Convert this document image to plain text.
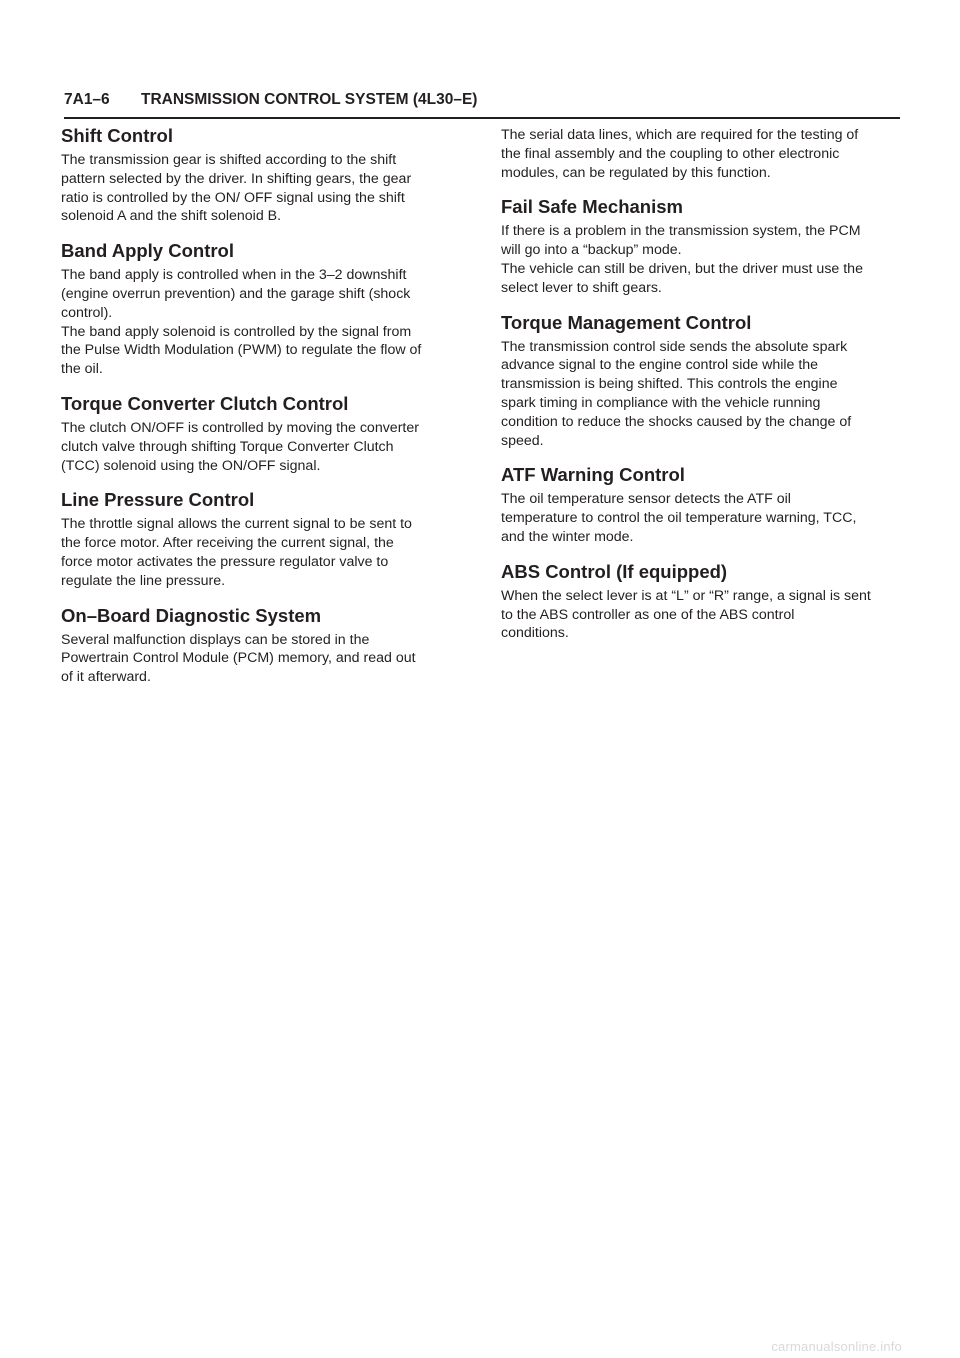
7A1–6 TRANSMISSION CONTROL SYSTEM (4L30–E)
Shift Control
The transmission gear is shifted according to the shift
pattern selected by the driver. In shifting gears, the gear
ratio is controlled by the ON/ OFF signal using the shift
solenoid A and the shift solenoid B.
Band Apply Control
The band apply is controlled when in the 3–2 downshift
(engine overrun prevention) and the garage shift (shock
control).
The band apply solenoid is controlled by the signal from
the Pulse Width Modulation (PWM) to regulate the flow of
the oil.
Torque Converter Clutch Control
The clutch ON/OFF is controlled by moving the converter
clutch valve through shifting Torque Converter Clutch
(TCC) solenoid using the ON/OFF signal.
Line Pressure Control
The throttle signal allows the current signal to be sent to
the force motor. After receiving the current signal, the
force motor activates the pressure regulator valve to
regulate the line pressure.
On–Board Diagnostic System
Several malfunction displays can be stored in the
Powertrain Control Module (PCM) memory, and read out
of it afterward.
The serial data lines, which are required for the testing of
the final assembly and the coupling to other electronic
modules, can be regulated by this function.
Fail Safe Mechanism
If there is a problem in the transmission system, the PCM
will go into a “backup” mode.
The vehicle can still be driven, but the driver must use the
select lever to shift gears.
Torque Management Control
The transmission control side sends the absolute spark
advance signal to the engine control side while the
transmission is being shifted. This controls the engine
spark timing in compliance with the vehicle running
condition to reduce the shocks caused by the change of
speed.
ATF Warning Control
The oil temperature sensor detects the ATF oil
temperature to control the oil temperature warning, TCC,
and the winter mode.
ABS Control (If equipped)
When the select lever is at “L” or “R” range, a signal is sent
to the ABS controller as one of the ABS control
conditions.
carmanualsonline.info
